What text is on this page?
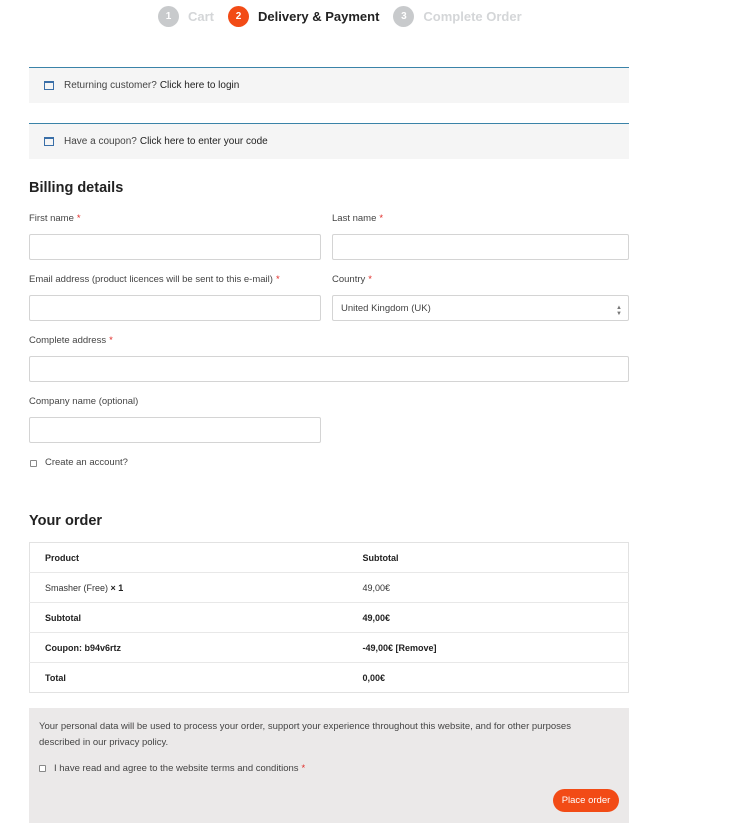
1	Cart	2	Delivery & Payment	3	Complete Order
Returning customer? Click here to login
Have a coupon? Click here to enter your code
Billing details
First name *	Last name *
Email address (product licences will be sent to this e-mail) *	Country *
United Kingdom (UK)	▲
▼
Complete address *
Company name (optional)
Create an account?
Your order
Product	Subtotal
Smasher (Free) × 1	49,00€
Subtotal	49,00€
Coupon: b94v6rtz	-49,00€ [Remove]
Total	0,00€
Your personal data will be used to process your order, support your experience throughout this website, and for other purposes described in our privacy policy.
I have read and agree to the website terms and conditions *
Place order
